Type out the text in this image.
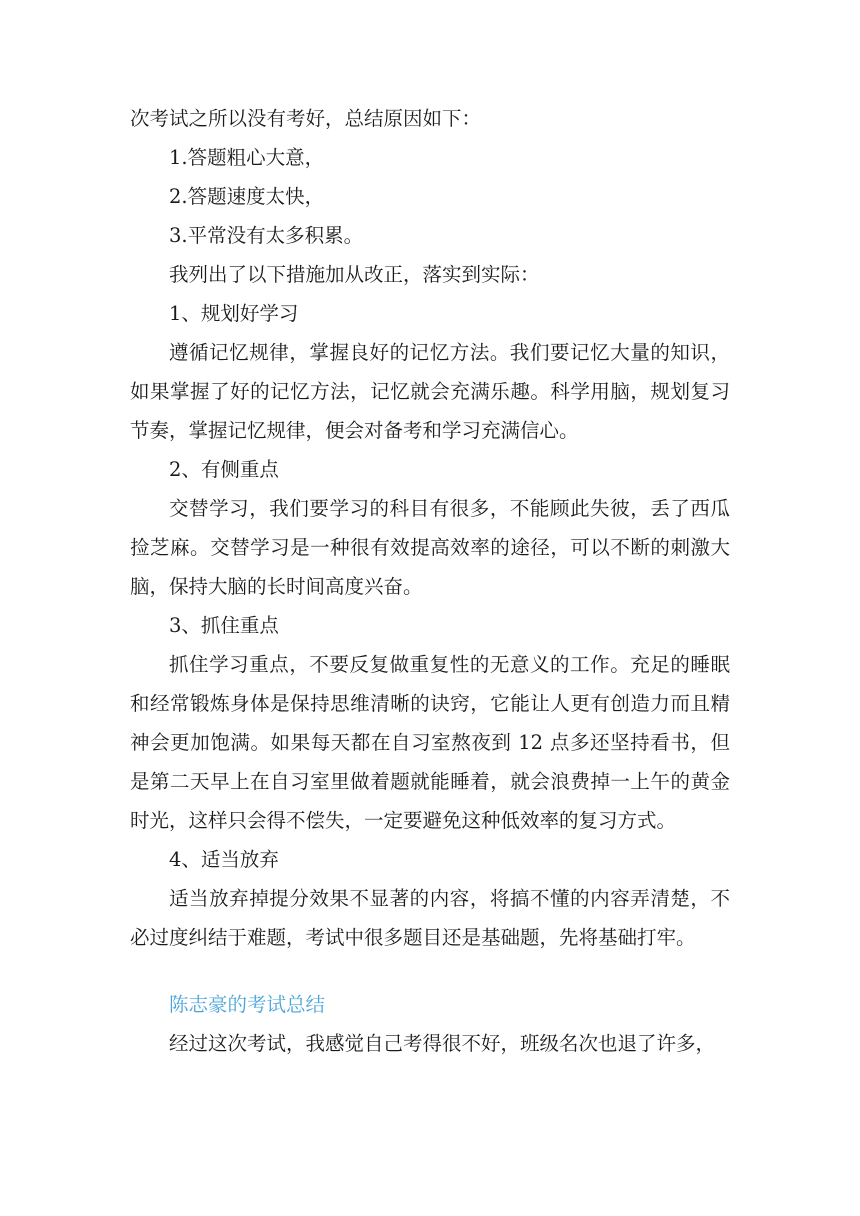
次考试之所以没有考好，总结原因如下：

1.答题粗心大意，

2.答题速度太快，

3.平常没有太多积累。

我列出了以下措施加从改正，落实到实际：

1、规划好学习

遵循记忆规律，掌握良好的记忆方法。我们要记忆大量的知识，如果掌握了好的记忆方法，记忆就会充满乐趣。科学用脑，规划复习节奏，掌握记忆规律，便会对备考和学习充满信心。

2、有侧重点

交替学习，我们要学习的科目有很多，不能顾此失彼，丢了西瓜捡芝麻。交替学习是一种很有效提高效率的途径，可以不断的刺激大脑，保持大脑的长时间高度兴奋。

3、抓住重点

抓住学习重点，不要反复做重复性的无意义的工作。充足的睡眠和经常锻炼身体是保持思维清晰的诀窍，它能让人更有创造力而且精神会更加饱满。如果每天都在自习室熬夜到 12 点多还坚持看书，但是第二天早上在自习室里做着题就能睡着，就会浪费掉一上午的黄金时光，这样只会得不偿失，一定要避免这种低效率的复习方式。

4、适当放弃

适当放弃掉提分效果不显著的内容，将搞不懂的内容弄清楚，不必过度纠结于难题，考试中很多题目还是基础题，先将基础打牢。

陈志豪的考试总结

经过这次考试，我感觉自己考得很不好，班级名次也退了许多，
